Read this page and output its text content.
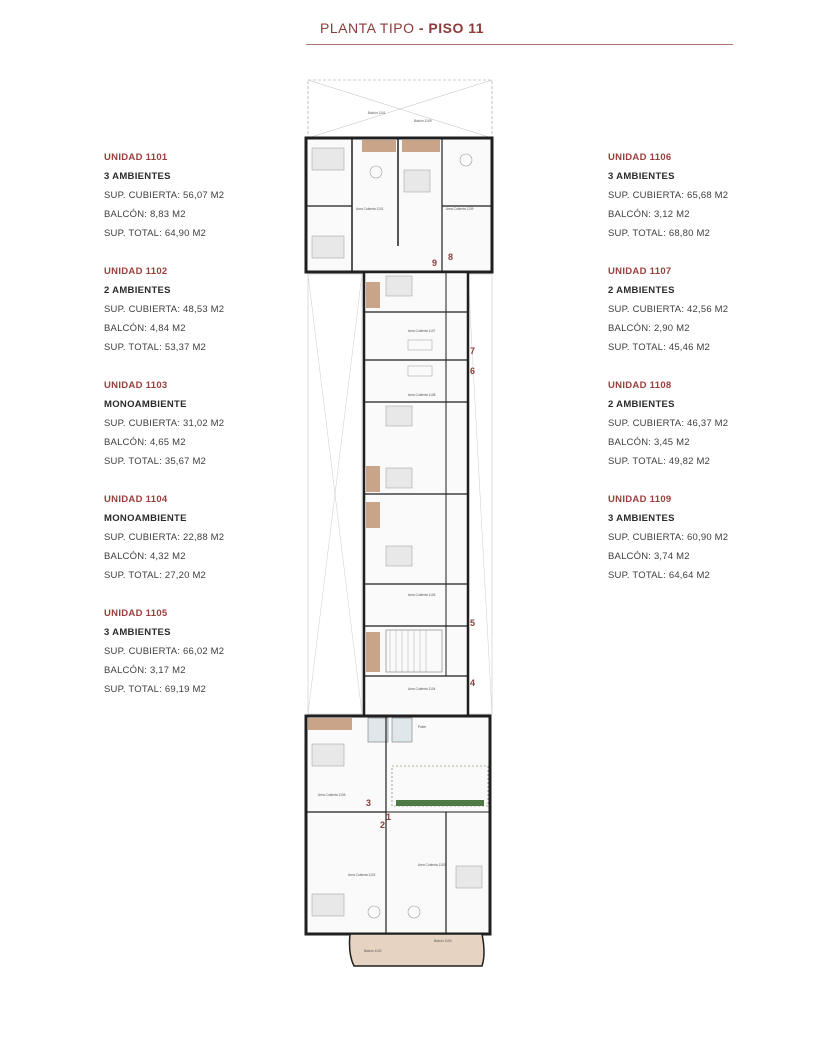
PLANTA TIPO - PISO 11
UNIDAD 1101
3 AMBIENTES
SUP. CUBIERTA: 56,07 M2
BALCÓN: 8,83 M2
SUP. TOTAL: 64,90 M2
UNIDAD 1102
2 AMBIENTES
SUP. CUBIERTA: 48,53 M2
BALCÓN: 4,84 M2
SUP. TOTAL: 53,37 M2
UNIDAD 1103
MONOAMBIENTE
SUP. CUBIERTA: 31,02 M2
BALCÓN: 4,65 M2
SUP. TOTAL: 35,67 M2
UNIDAD 1104
MONOAMBIENTE
SUP. CUBIERTA: 22,88 M2
BALCÓN: 4,32 M2
SUP. TOTAL: 27,20 M2
UNIDAD 1105
3 AMBIENTES
SUP. CUBIERTA: 66,02 M2
BALCÓN: 3,17 M2
SUP. TOTAL: 69,19 M2
UNIDAD 1106
3 AMBIENTES
SUP. CUBIERTA: 65,68 M2
BALCÓN: 3,12 M2
SUP. TOTAL: 68,80 M2
UNIDAD 1107
2 AMBIENTES
SUP. CUBIERTA: 42,56 M2
BALCÓN: 2,90 M2
SUP. TOTAL: 45,46 M2
UNIDAD 1108
2 AMBIENTES
SUP. CUBIERTA: 46,37 M2
BALCÓN: 3,45 M2
SUP. TOTAL: 49,82 M2
UNIDAD 1109
3 AMBIENTES
SUP. CUBIERTA: 60,90 M2
BALCÓN: 3,74 M2
SUP. TOTAL: 64,64 M2
Balcón 1101
Balcón 1109
Area Cubierta 1101	Area Cubierta 1109
Area Cubierta 1107
Area Cubierta 1108
Area Cubierta 1105
Area Cubierta 1104
Palier
Area Cubierta 1105
Area Cubierta 1102
Area Cubierta 1103
Balcón 1102
Balcón 1103
9
8
7
6
5
4
3
2
1
